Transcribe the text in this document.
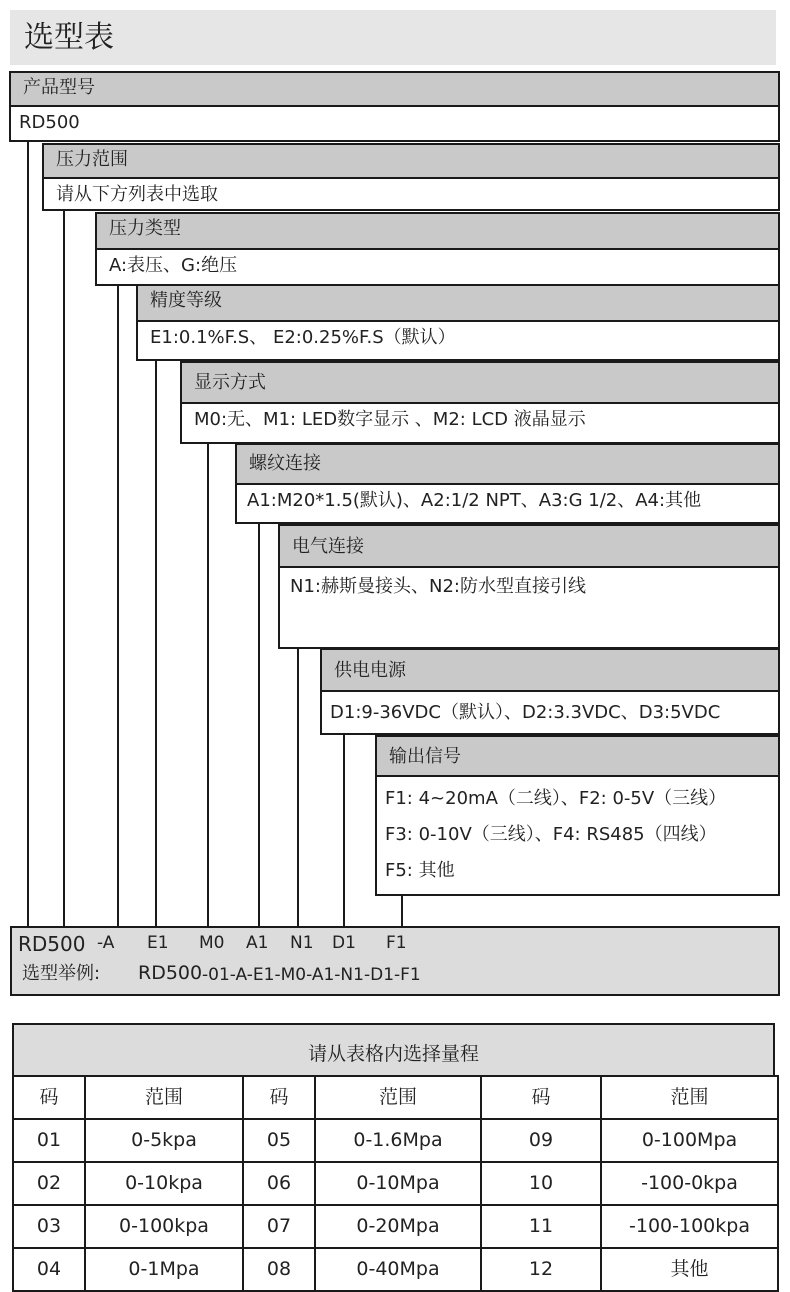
选型表
产品型号
RD500
压力范围
请从下方列表中选取
压力类型
A:表压、G:绝压
精度等级
E1:0.1%F.S、 E2:0.25%F.S（默认）
显示方式
M0:无、M1: LED数字显示 、M2: LCD 液晶显示
螺纹连接
A1:M20*1.5(默认)、A2:1/2 NPT、A3:G 1/2、A4:其他
电气连接
N1:赫斯曼接头、N2:防水型直接引线
供电电源
D1:9-36VDC（默认）、D2:3.3VDC、D3:5VDC
输出信号
F1: 4~20mA（二线）、F2: 0-5V（三线）
F3: 0-10V（三线）、F4: RS485（四线）
F5: 其他
RD500 -A E1 M0 A1 N1 D1 F1
选型举例: RD500 -01-A-E1-M0-A1-N1-D1-F1
请从表格内选择量程
码	范围	码	范围	码	范围
01	0-5kpa	05	0-1.6Mpa	09	0-100Mpa
02	0-10kpa	06	0-10Mpa	10	-100-0kpa
03	0-100kpa	07	0-20Mpa	11	-100-100kpa
04	0-1Mpa	08	0-40Mpa	12	其他
